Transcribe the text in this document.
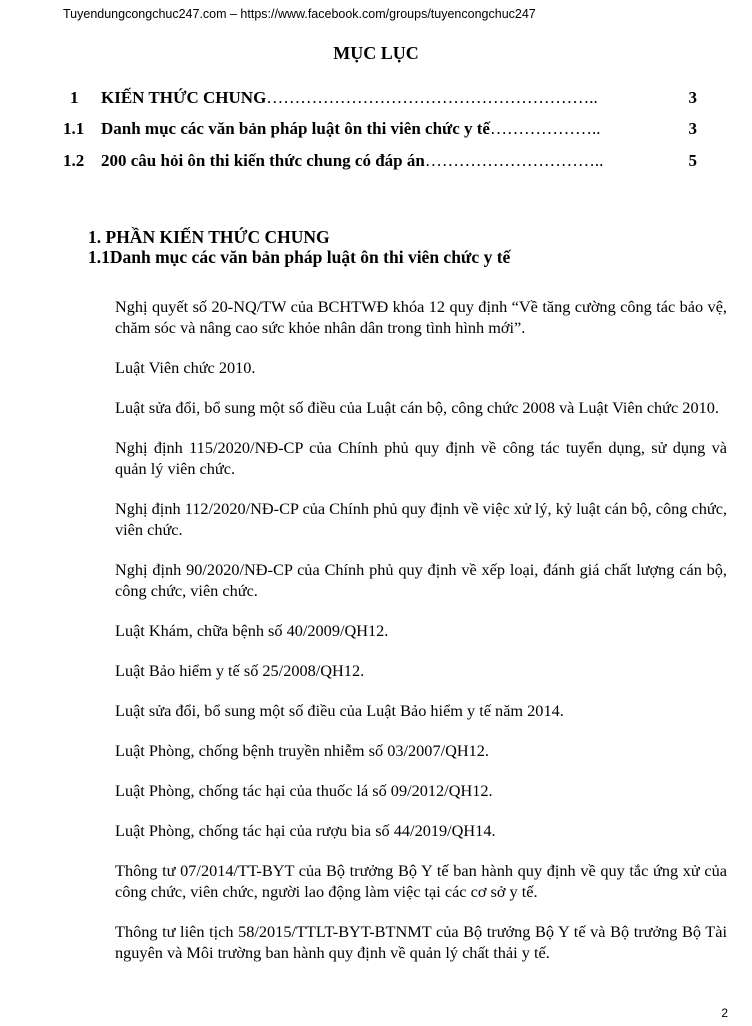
Tuyendungcongchuc247.com – https://www.facebook.com/groups/tuyencongchuc247
MỤC LỤC
1 KIẾN THỨC CHUNG…………………………………………………..	3
1.1 Danh mục các văn bản pháp luật ôn thi viên chức y tế………………..	3
1.2 200 câu hỏi ôn thi kiến thức chung có đáp án…………………………..	5
1. PHẦN KIẾN THỨC CHUNG
1.1Danh mục các văn bản pháp luật ôn thi viên chức y tế
Nghị quyết số 20-NQ/TW của BCHTWĐ khóa 12 quy định “Về tăng cường công tác bảo vệ, chăm sóc và nâng cao sức khỏe nhân dân trong tình hình mới”.
Luật Viên chức 2010.
Luật sửa đổi, bổ sung một số điều của Luật cán bộ, công chức 2008 và Luật Viên chức 2010.
Nghị định 115/2020/NĐ-CP của Chính phủ quy định về công tác tuyển dụng, sử dụng và quản lý viên chức.
Nghị định 112/2020/NĐ-CP của Chính phủ quy định về việc xử lý, kỷ luật cán bộ, công chức, viên chức.
Nghị định 90/2020/NĐ-CP của Chính phủ quy định về xếp loại, đánh giá chất lượng cán bộ, công chức, viên chức.
Luật Khám, chữa bệnh số 40/2009/QH12.
Luật Bảo hiểm y tế số 25/2008/QH12.
Luật sửa đổi, bổ sung một số điều của Luật Bảo hiểm y tế năm 2014.
Luật Phòng, chống bệnh truyền nhiễm số 03/2007/QH12.
Luật Phòng, chống tác hại của thuốc lá số 09/2012/QH12.
Luật Phòng, chống tác hại của rượu bia số 44/2019/QH14.
Thông tư 07/2014/TT-BYT của Bộ trưởng Bộ Y tế ban hành quy định về quy tắc ứng xử của công chức, viên chức, người lao động làm việc tại các cơ sở y tế.
Thông tư liên tịch 58/2015/TTLT-BYT-BTNMT của Bộ trưởng Bộ Y tế và Bộ trưởng Bộ Tài nguyên và Môi trường ban hành quy định về quản lý chất thải y tế.
2
